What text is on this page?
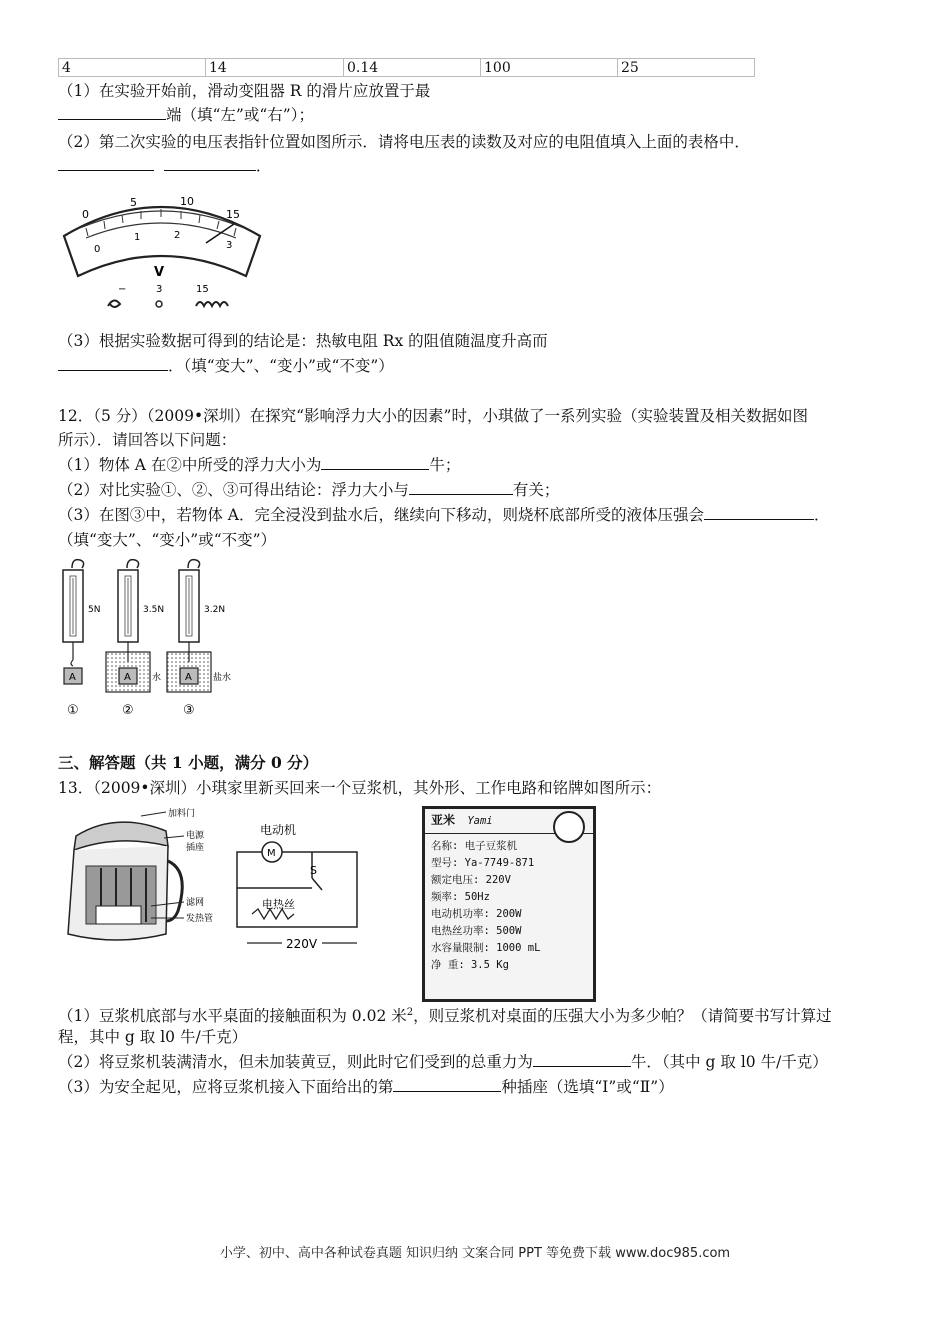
4	14	0.14	100	25
（1）在实验开始前，滑动变阻器 R 的滑片应放置于最
端（填“左”或“右”）；
（2）第二次实验的电压表指针位置如图所示．请将电压表的读数及对应的电阻值填入上面的表格中．
．
0
5	10
15
0
1	2
3
V
−	3	15
（3）根据实验数据可得到的结论是：热敏电阻 Rx 的阻值随温度升高而
．（填“变大”、“变小”或“不变”）
12．（5 分）（2009•深圳）在探究“影响浮力大小的因素”时，小琪做了一系列实验（实验装置及相关数据如图
所示）．请回答以下问题：
（1）物体 A 在②中所受的浮力大小为	牛；
（2）对比实验①、②、③可得出结论：浮力大小与	有关；
（3）在图③中，若物体 A．完全浸没到盐水后，继续向下移动，则烧杯底部所受的液体压强会	．
（填“变大”、“变小”或“不变”）
A
5N
①
A
3.5N
水
②
A
3.2N
盐水
③
三、解答题（共 1 小题，满分 0 分）
13．（2009•深圳）小琪家里新买回来一个豆浆机，其外形、工作电路和铭牌如图所示：
加料门
电源
插座
滤网
发热管
电动机
M
S
电热丝
220V
亚米 Yami
名称: 电子豆浆机
型号: Ya-7749-871
额定电压: 220V
频率: 50Hz
电动机功率: 200W
电热丝功率: 500W
水容量限制: 1000 mL
净 重: 3.5 Kg
（1）豆浆机底部与水平桌面的接触面积为 0.02 米$^2$，则豆浆机对桌面的压强大小为多少帕？（请简要书写计算过
程，其中 g 取 l0 牛/千克）
（2）将豆浆机装满清水，但未加装黄豆，则此时它们受到的总重力为	牛．（其中 g 取 l0 牛/千克）
（3）为安全起见，应将豆浆机接入下面给出的第	种插座（选填“Ⅰ”或“Ⅱ”）
小学、初中、高中各种试卷真题 知识归纳 文案合同 PPT 等免费下载 www.doc985.com
